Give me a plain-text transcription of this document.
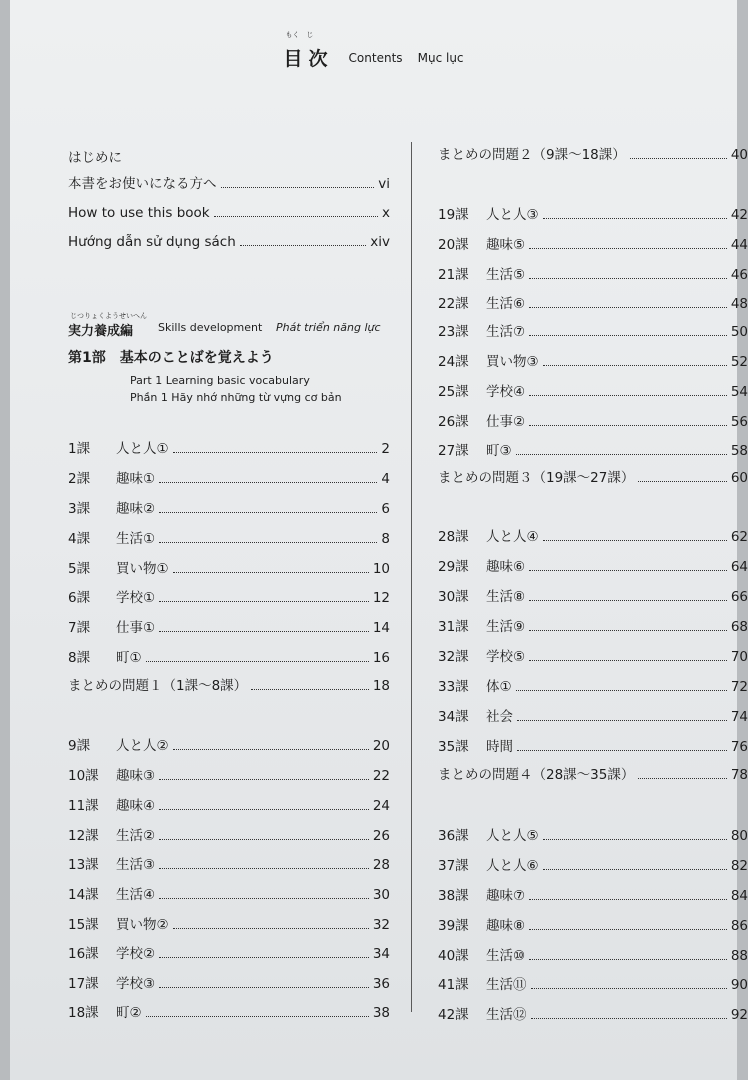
もく　じ
目次 Contents Mục lục
はじめに
本書をお使いになる方へ	vi
How to use this book	x
Hướng dẫn sử dụng sách	xiv
じつりょくようせいへん
実力養成編 Skills development Phát triển năng lực
第1部　基本のことばを覚えよう
Part 1 Learning basic vocabulary
Phần 1 Hãy nhớ những từ vựng cơ bản
1課	人と人①	2
2課	趣味①	4
3課	趣味②	6
4課	生活①	8
5課	買い物①	10
6課	学校①	12
7課	仕事①	14
8課	町①	16
まとめの問題１（1課〜8課）	18
9課	人と人②	20
10課	趣味③	22
11課	趣味④	24
12課	生活②	26
13課	生活③	28
14課	生活④	30
15課	買い物②	32
16課	学校②	34
17課	学校③	36
18課	町②	38
まとめの問題２（9課〜18課）	40
19課	人と人③	42
20課	趣味⑤	44
21課	生活⑤	46
22課	生活⑥	48
23課	生活⑦	50
24課	買い物③	52
25課	学校④	54
26課	仕事②	56
27課	町③	58
まとめの問題３（19課〜27課）	60
28課	人と人④	62
29課	趣味⑥	64
30課	生活⑧	66
31課	生活⑨	68
32課	学校⑤	70
33課	体①	72
34課	社会	74
35課	時間	76
まとめの問題４（28課〜35課）	78
36課	人と人⑤	80
37課	人と人⑥	82
38課	趣味⑦	84
39課	趣味⑧	86
40課	生活⑩	88
41課	生活⑪	90
42課	生活⑫	92
